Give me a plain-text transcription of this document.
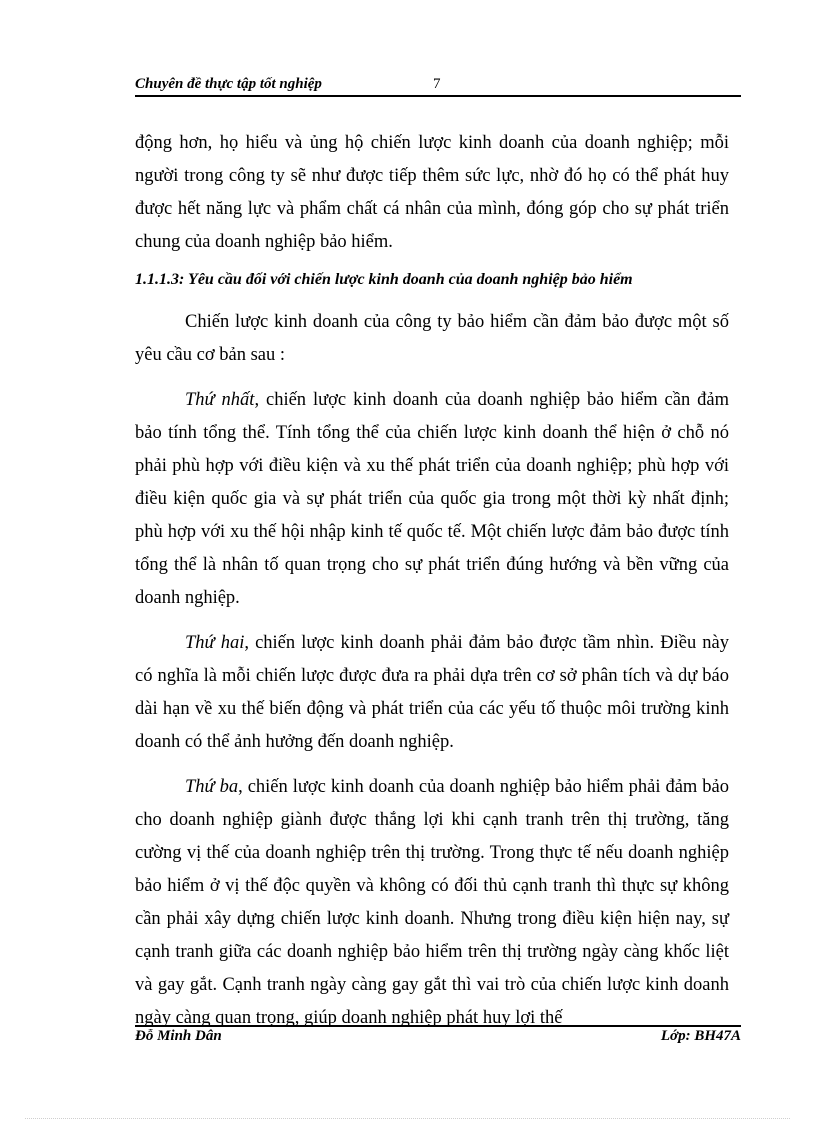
Chuyên đề thực tập tốt nghiệp	7

động hơn, họ hiểu và ủng hộ chiến lược kinh doanh của doanh nghiệp; mỗi người trong công ty sẽ như được tiếp thêm sức lực, nhờ đó họ có thể phát huy được hết năng lực và phẩm chất cá nhân của mình, đóng góp cho sự phát triển chung của doanh nghiệp bảo hiểm.

1.1.1.3: Yêu cầu đối với chiến lược kinh doanh của doanh nghiệp bảo hiểm

Chiến lược kinh doanh của công ty bảo hiểm cần đảm bảo được một số yêu cầu cơ bản sau :

Thứ nhất, chiến lược kinh doanh của doanh nghiệp bảo hiểm cần đảm bảo tính tổng thể. Tính tổng thể của chiến lược kinh doanh thể hiện ở chỗ nó phải phù hợp với điều kiện và xu thế phát triển của doanh nghiệp; phù hợp với điều kiện quốc gia và sự phát triển của quốc gia trong một thời kỳ nhất định; phù hợp với xu thế hội nhập kinh tế quốc tế. Một chiến lược đảm bảo được tính tổng thể là nhân tố quan trọng cho sự phát triển đúng hướng và bền vững của doanh nghiệp.

Thứ hai, chiến lược kinh doanh phải đảm bảo được tầm nhìn. Điều này có nghĩa là mỗi chiến lược được đưa ra phải dựa trên cơ sở phân tích và dự báo dài hạn về xu thế biến động và phát triển của các yếu tố thuộc môi trường kinh doanh có thể ảnh hưởng đến doanh nghiệp.

Thứ ba, chiến lược kinh doanh của doanh nghiệp bảo hiểm phải đảm bảo cho doanh nghiệp giành được thắng lợi khi cạnh tranh trên thị trường, tăng cường vị thế của doanh nghiệp trên thị trường. Trong thực tế nếu doanh nghiệp bảo hiểm ở vị thế độc quyền và không có đối thủ cạnh tranh thì thực sự không cần phải xây dựng chiến lược kinh doanh. Nhưng trong điều kiện hiện nay, sự cạnh tranh giữa các doanh nghiệp bảo hiểm trên thị trường ngày càng khốc liệt và gay gắt. Cạnh tranh ngày càng gay gắt thì vai trò của chiến lược kinh doanh ngày càng quan trọng, giúp doanh nghiệp phát huy lợi thế

Đỗ Minh Dân	Lớp: BH47A
